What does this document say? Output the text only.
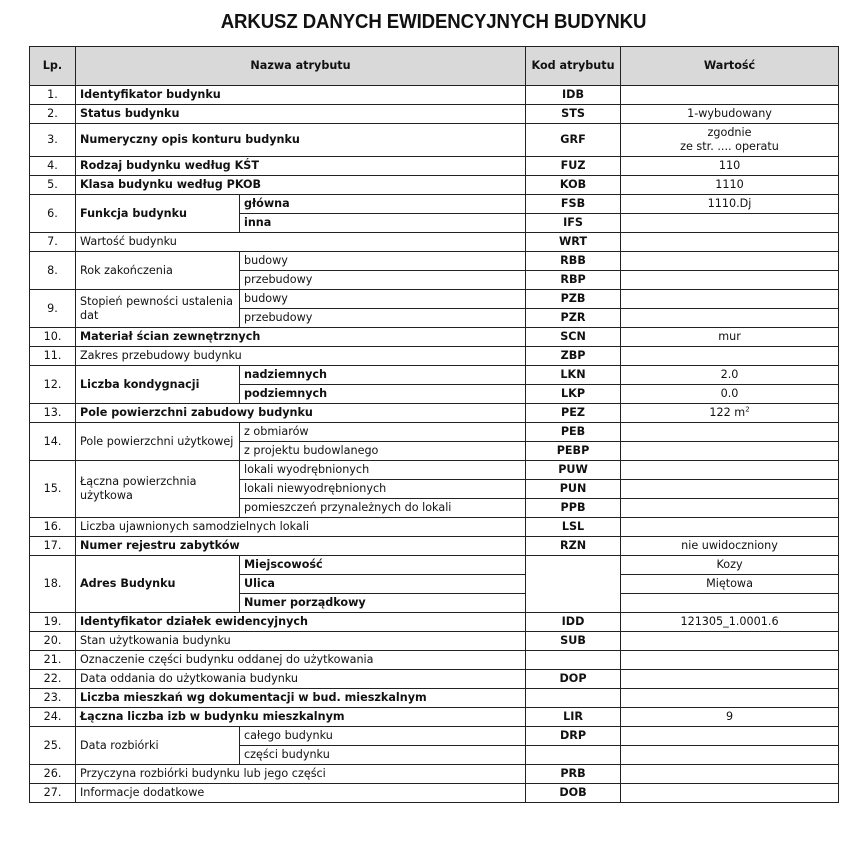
ARKUSZ DANYCH EWIDENCYJNYCH BUDYNKU
Lp.	Nazwa atrybutu		Kod atrybutu	Wartość
1.	Identyfikator budynku		IDB	
2.	Status budynku		STS	1-wybudowany
3.	Numeryczny opis konturu budynku		GRF	zgodnie
ze str. .... operatu

4.	Rodzaj budynku według KŚT		FUZ	110
5.	Klasa budynku według PKOB		KOB	1110
6.	Funkcja budynku	główna	FSB	1110.Dj
		inna	IFS	
7.	Wartość budynku		WRT	
8.	Rok zakończenia	budowy	RBB	
		przebudowy	RBP	
9.	Stopień pewności ustalenia dat	budowy	PZB	
		przebudowy	PZR	
10.	Materiał ścian zewnętrznych		SCN	mur
11.	Zakres przebudowy budynku		ZBP	
12.	Liczba kondygnacji	nadziemnych	LKN	2.0
		podziemnych	LKP	0.0
13.	Pole powierzchni zabudowy budynku		PEZ	122 $m^2$
14.	Pole powierzchni użytkowej	z obmiarów	PEB	
		z projektu budowlanego	PEBP	
15.	Łączna powierzchnia użytkowa	lokali wyodrębnionych	PUW	
		lokali niewyodrębnionych	PUN	
		pomieszczeń przynależnych do lokali	PPB	
16.	Liczba ujawnionych samodzielnych lokali		LSL	
17.	Numer rejestru zabytków		RZN	nie uwidoczniony
18.	Adres Budynku	Miejscowość		Kozy
		Ulica		Miętowa
		Numer porządkowy		
19.	Identyfikator działek ewidencyjnych		IDD	121305_1.0001.6
20.	Stan użytkowania budynku		SUB	
21.	Oznaczenie części budynku oddanej do użytkowania			
22.	Data oddania do użytkowania budynku		DOP	
23.	Liczba mieszkań wg dokumentacji w bud. mieszkalnym			
24.	Łączna liczba izb w budynku mieszkalnym		LIR	9
25.	Data rozbiórki	całego budynku	DRP	
		części budynku		
26.	Przyczyna rozbiórki budynku lub jego części		PRB	
27.	Informacje dodatkowe		DOB	
